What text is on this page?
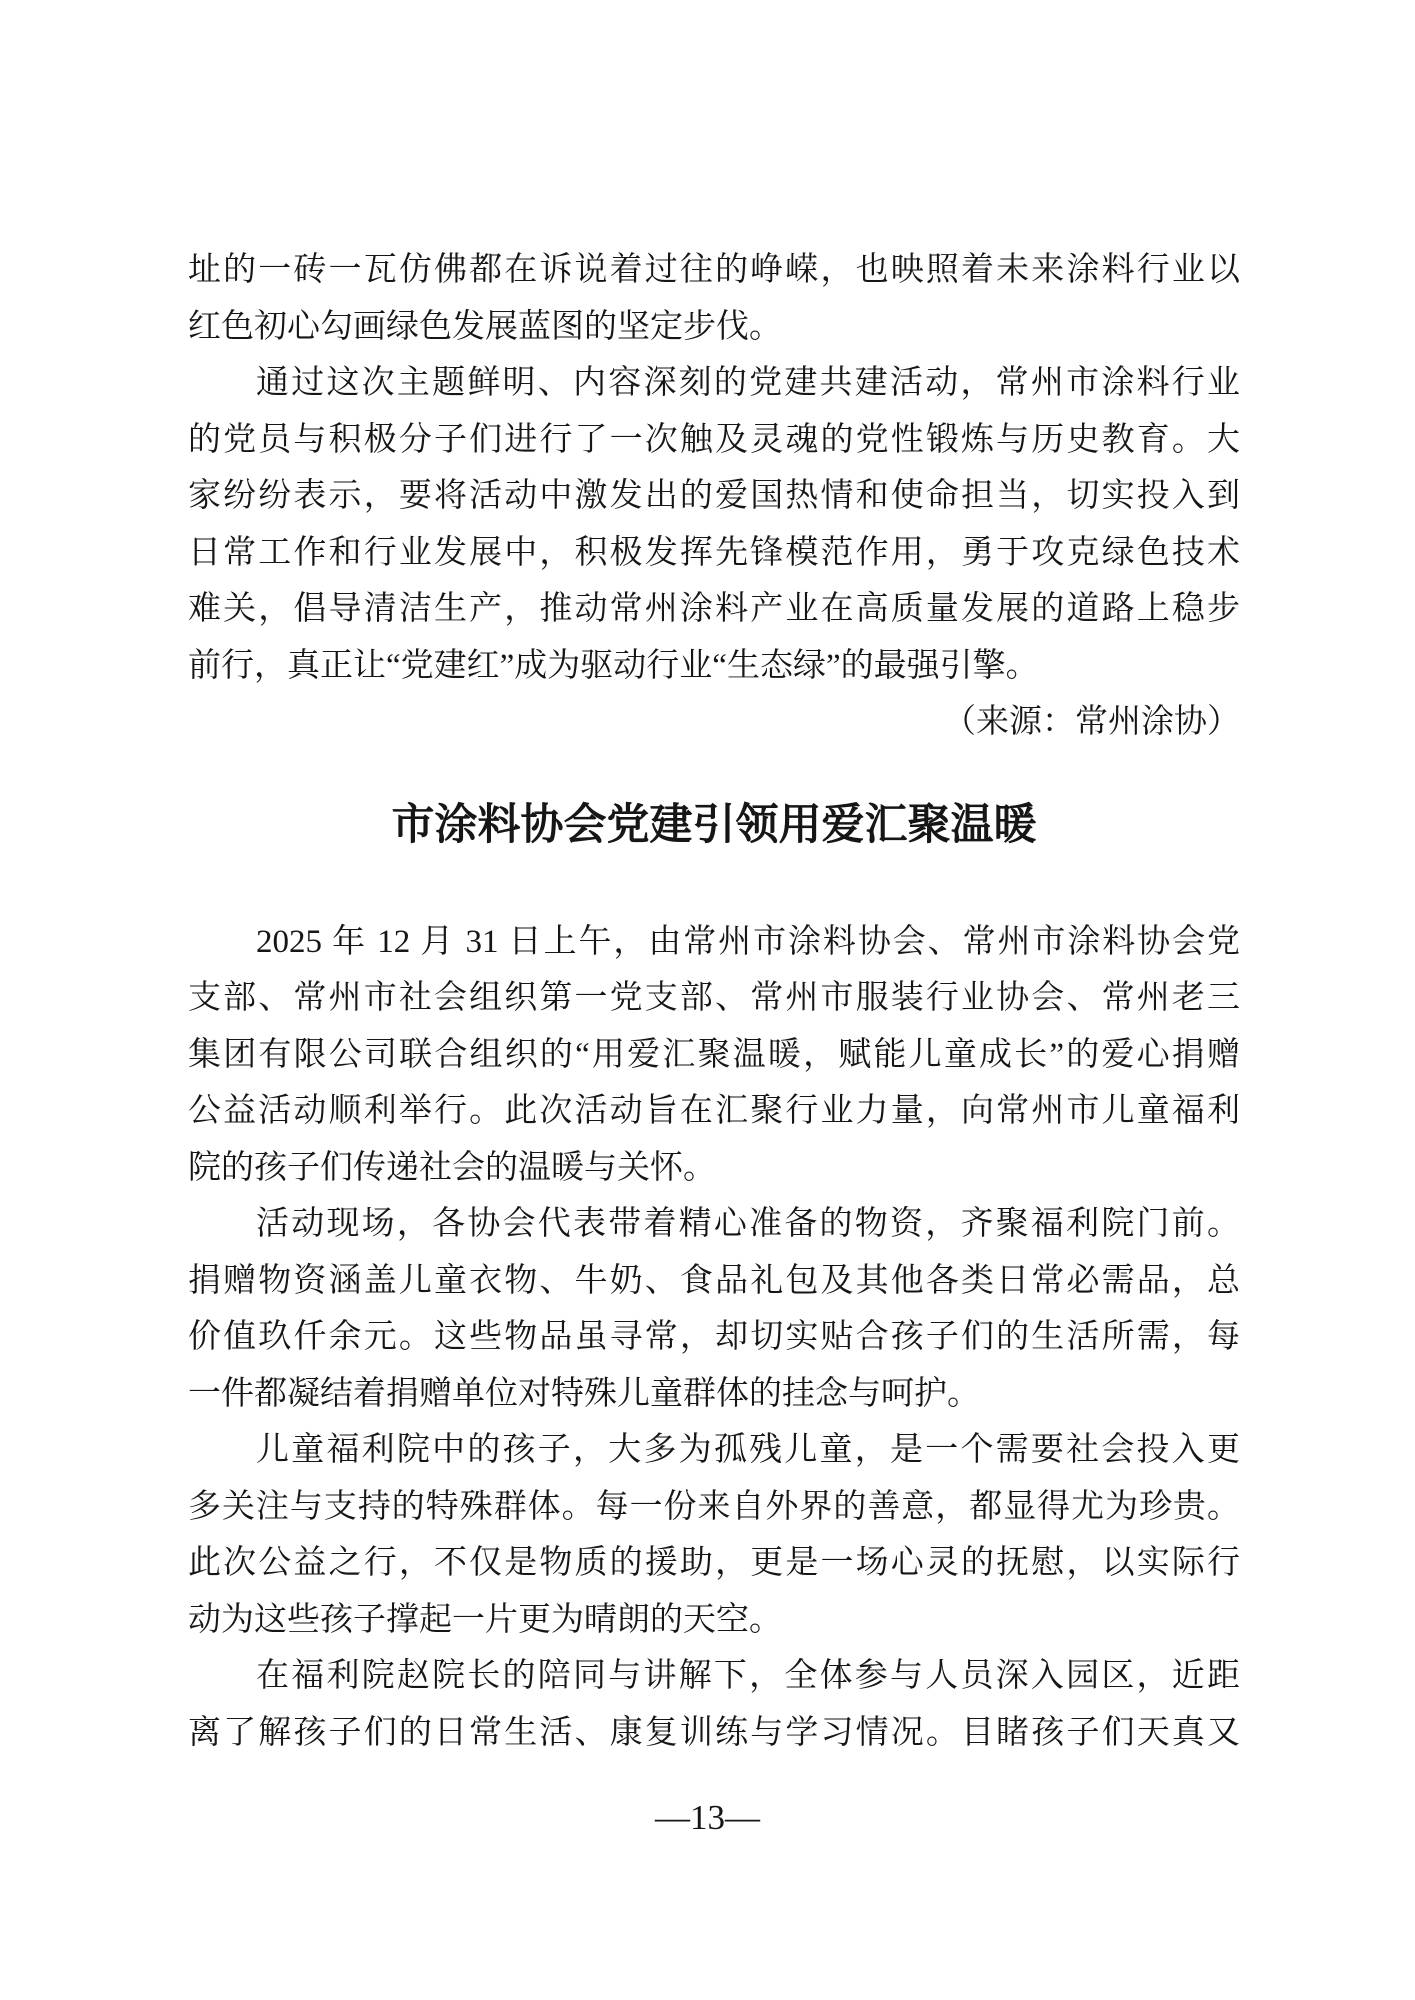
址的一砖一瓦仿佛都在诉说着过往的峥嵘，也映照着未来涂料行业以
红色初心勾画绿色发展蓝图的坚定步伐。
通过这次主题鲜明、内容深刻的党建共建活动，常州市涂料行业
的党员与积极分子们进行了一次触及灵魂的党性锻炼与历史教育。大
家纷纷表示，要将活动中激发出的爱国热情和使命担当，切实投入到
日常工作和行业发展中，积极发挥先锋模范作用，勇于攻克绿色技术
难关，倡导清洁生产，推动常州涂料产业在高质量发展的道路上稳步
前行，真正让“党建红”成为驱动行业“生态绿”的最强引擎。
（来源：常州涂协）
市涂料协会党建引领用爱汇聚温暖
2025 年 12 月 31 日上午，由常州市涂料协会、常州市涂料协会党
支部、常州市社会组织第一党支部、常州市服装行业协会、常州老三
集团有限公司联合组织的“用爱汇聚温暖，赋能儿童成长”的爱心捐赠
公益活动顺利举行。此次活动旨在汇聚行业力量，向常州市儿童福利
院的孩子们传递社会的温暖与关怀。
活动现场，各协会代表带着精心准备的物资，齐聚福利院门前。
捐赠物资涵盖儿童衣物、牛奶、食品礼包及其他各类日常必需品，总
价值玖仟余元。这些物品虽寻常，却切实贴合孩子们的生活所需，每
一件都凝结着捐赠单位对特殊儿童群体的挂念与呵护。
儿童福利院中的孩子，大多为孤残儿童，是一个需要社会投入更
多关注与支持的特殊群体。每一份来自外界的善意，都显得尤为珍贵。
此次公益之行，不仅是物质的援助，更是一场心灵的抚慰，以实际行
动为这些孩子撑起一片更为晴朗的天空。
在福利院赵院长的陪同与讲解下，全体参与人员深入园区，近距
离了解孩子们的日常生活、康复训练与学习情况。目睹孩子们天真又
—13—
